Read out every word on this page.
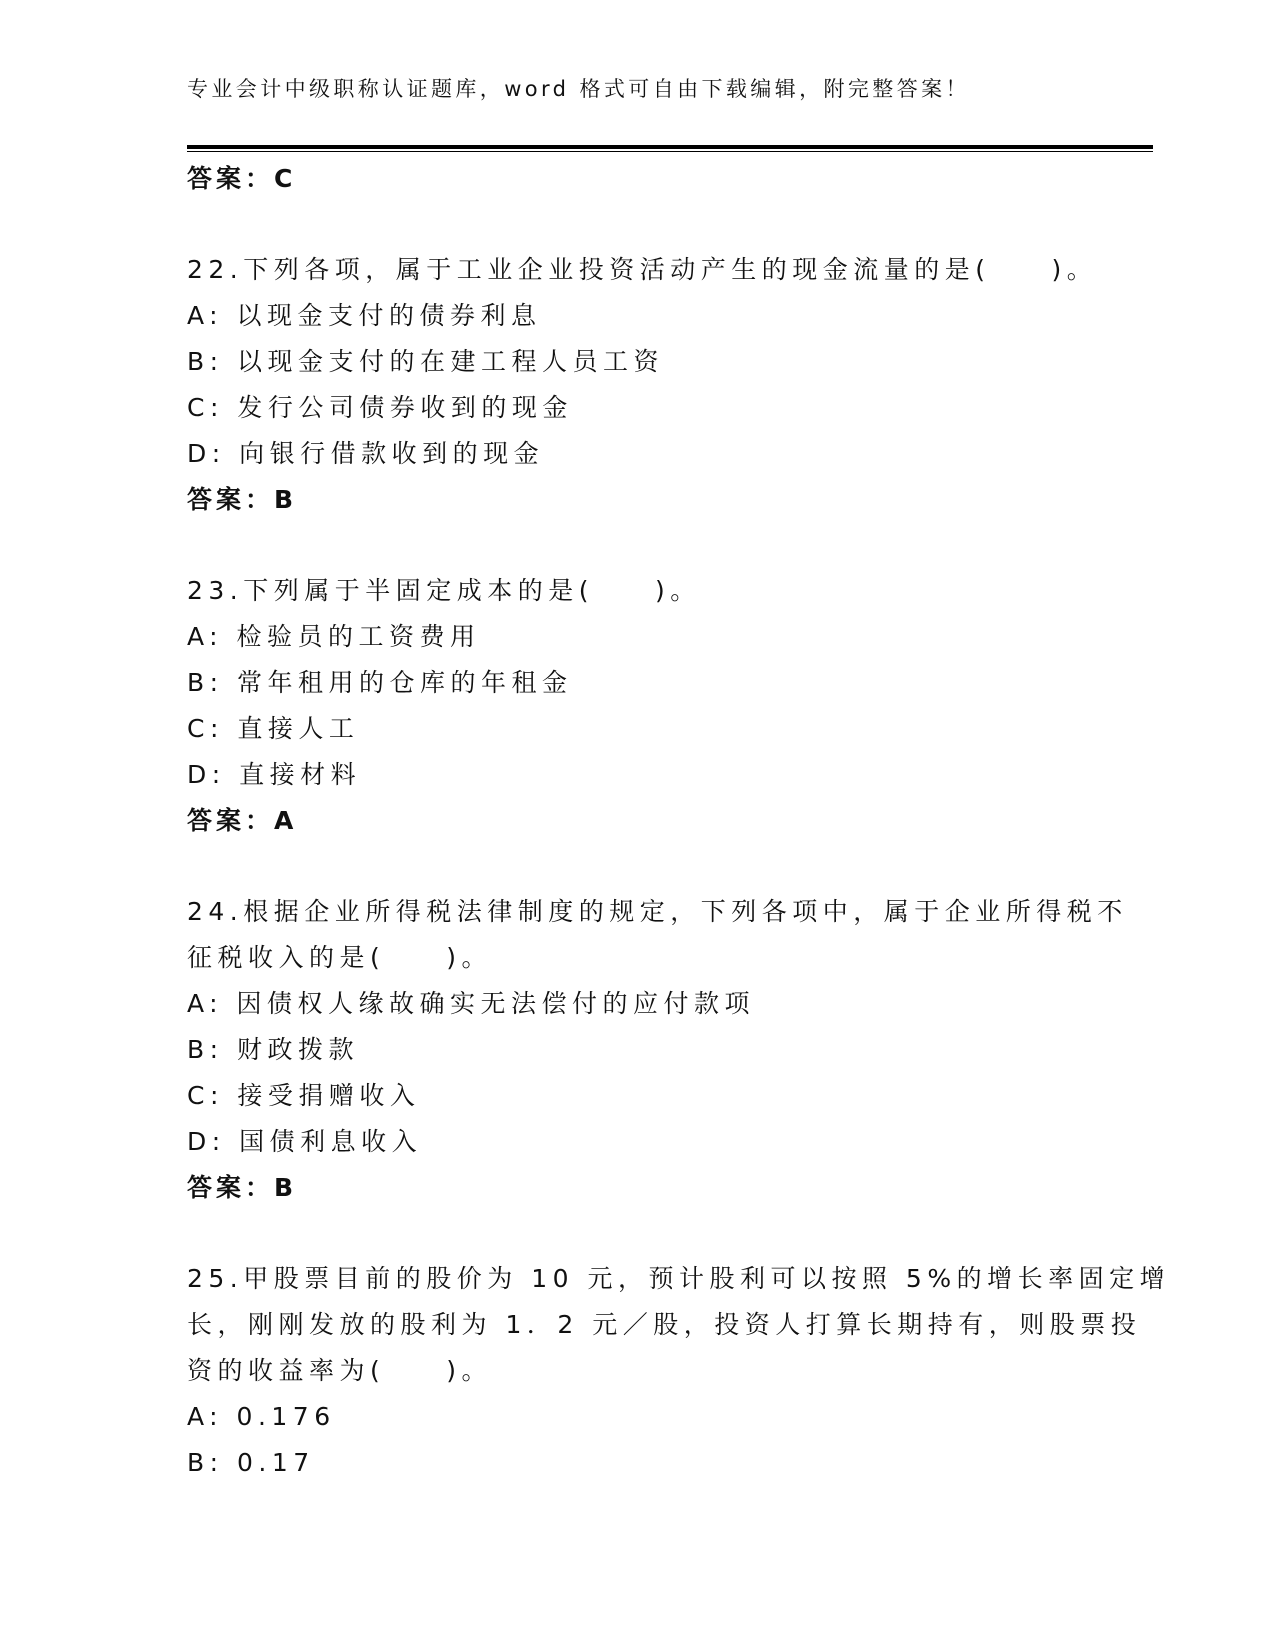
专业会计中级职称认证题库，word 格式可自由下载编辑，附完整答案！
答案：C
22.下列各项，属于工业企业投资活动产生的现金流量的是(　　)。
A: 以现金支付的债券利息
B: 以现金支付的在建工程人员工资
C: 发行公司债券收到的现金
D: 向银行借款收到的现金
答案：B
23.下列属于半固定成本的是(　　)。
A: 检验员的工资费用
B: 常年租用的仓库的年租金
C: 直接人工
D: 直接材料
答案：A
24.根据企业所得税法律制度的规定，下列各项中，属于企业所得税不
征税收入的是(　　)。
A: 因债权人缘故确实无法偿付的应付款项
B: 财政拨款
C: 接受捐赠收入
D: 国债利息收入
答案：B
25.甲股票目前的股价为 10 元，预计股利可以按照 5%的增长率固定增
长，刚刚发放的股利为 1．2 元／股，投资人打算长期持有，则股票投
资的收益率为(　　)。
A: 0.176
B: 0.17
